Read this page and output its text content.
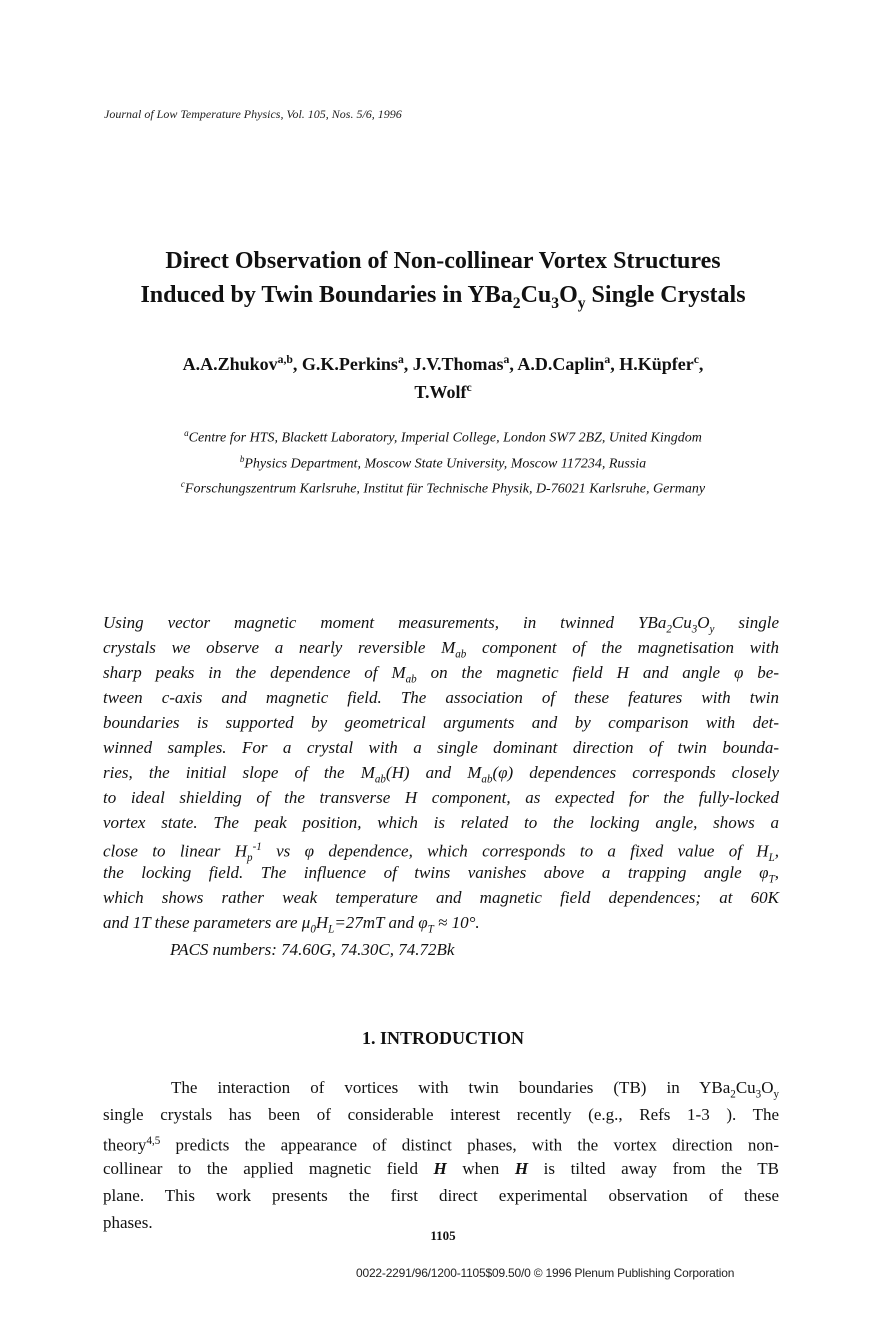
Journal of Low Temperature Physics, Vol. 105, Nos. 5/6, 1996
Direct Observation of Non-collinear Vortex Structures
Induced by Twin Boundaries in $YBa_2Cu_3O_y$ Single Crystals
A.A.Zhukov$^{a,b}$, G.K.Perkins$^a$, J.V.Thomas$^a$, A.D.Caplin$^a$, H.Küpfer$^c$,
T.Wolf$^c$
$^a$Centre for HTS, Blackett Laboratory, Imperial College, London SW7 2BZ, United Kingdom
$^b$Physics Department, Moscow State University, Moscow 117234, Russia
$^c$Forschungszentrum Karlsruhe, Institut für Technische Physik, D-76021 Karlsruhe, Germany
Using vector magnetic moment measurements, in twinned $YBa_2Cu_3O_y$ single
crystals we observe a nearly reversible $M_{ab}$ component of the magnetisation with
sharp peaks in the dependence of $M_{ab}$ on the magnetic field H and angle φ be-
tween c-axis and magnetic field. The association of these features with twin
boundaries is supported by geometrical arguments and by comparison with det-
winned samples. For a crystal with a single dominant direction of twin bounda-
ries, the initial slope of the $M_{ab}(H)$ and $M_{ab}(\varphi)$ dependences corresponds closely
to ideal shielding of the transverse H component, as expected for the fully-locked
vortex state. The peak position, which is related to the locking angle, shows a
close to linear $H_p^{-1}$ vs φ dependence, which corresponds to a fixed value of $H_L$,
the locking field. The influence of twins vanishes above a trapping angle $\varphi_T$,
which shows rather weak temperature and magnetic field dependences; at 60K
and 1T these parameters are $\mu_0H_L=27mT$ and $\varphi_T \approx 10^\circ$.
PACS numbers: 74.60G, 74.30C, 74.72Bk
1. INTRODUCTION
The interaction of vortices with twin boundaries (TB) in $YBa_2Cu_3O_y$
single crystals has been of considerable interest recently (e.g., Refs 1-3 ). The
theory$^{4,5}$ predicts the appearance of distinct phases, with the vortex direction non-
collinear to the applied magnetic field H when H is tilted away from the TB
plane. This work presents the first direct experimental observation of these
phases.
1105
0022-2291/96/1200-1105$09.50/0 © 1996 Plenum Publishing Corporation
